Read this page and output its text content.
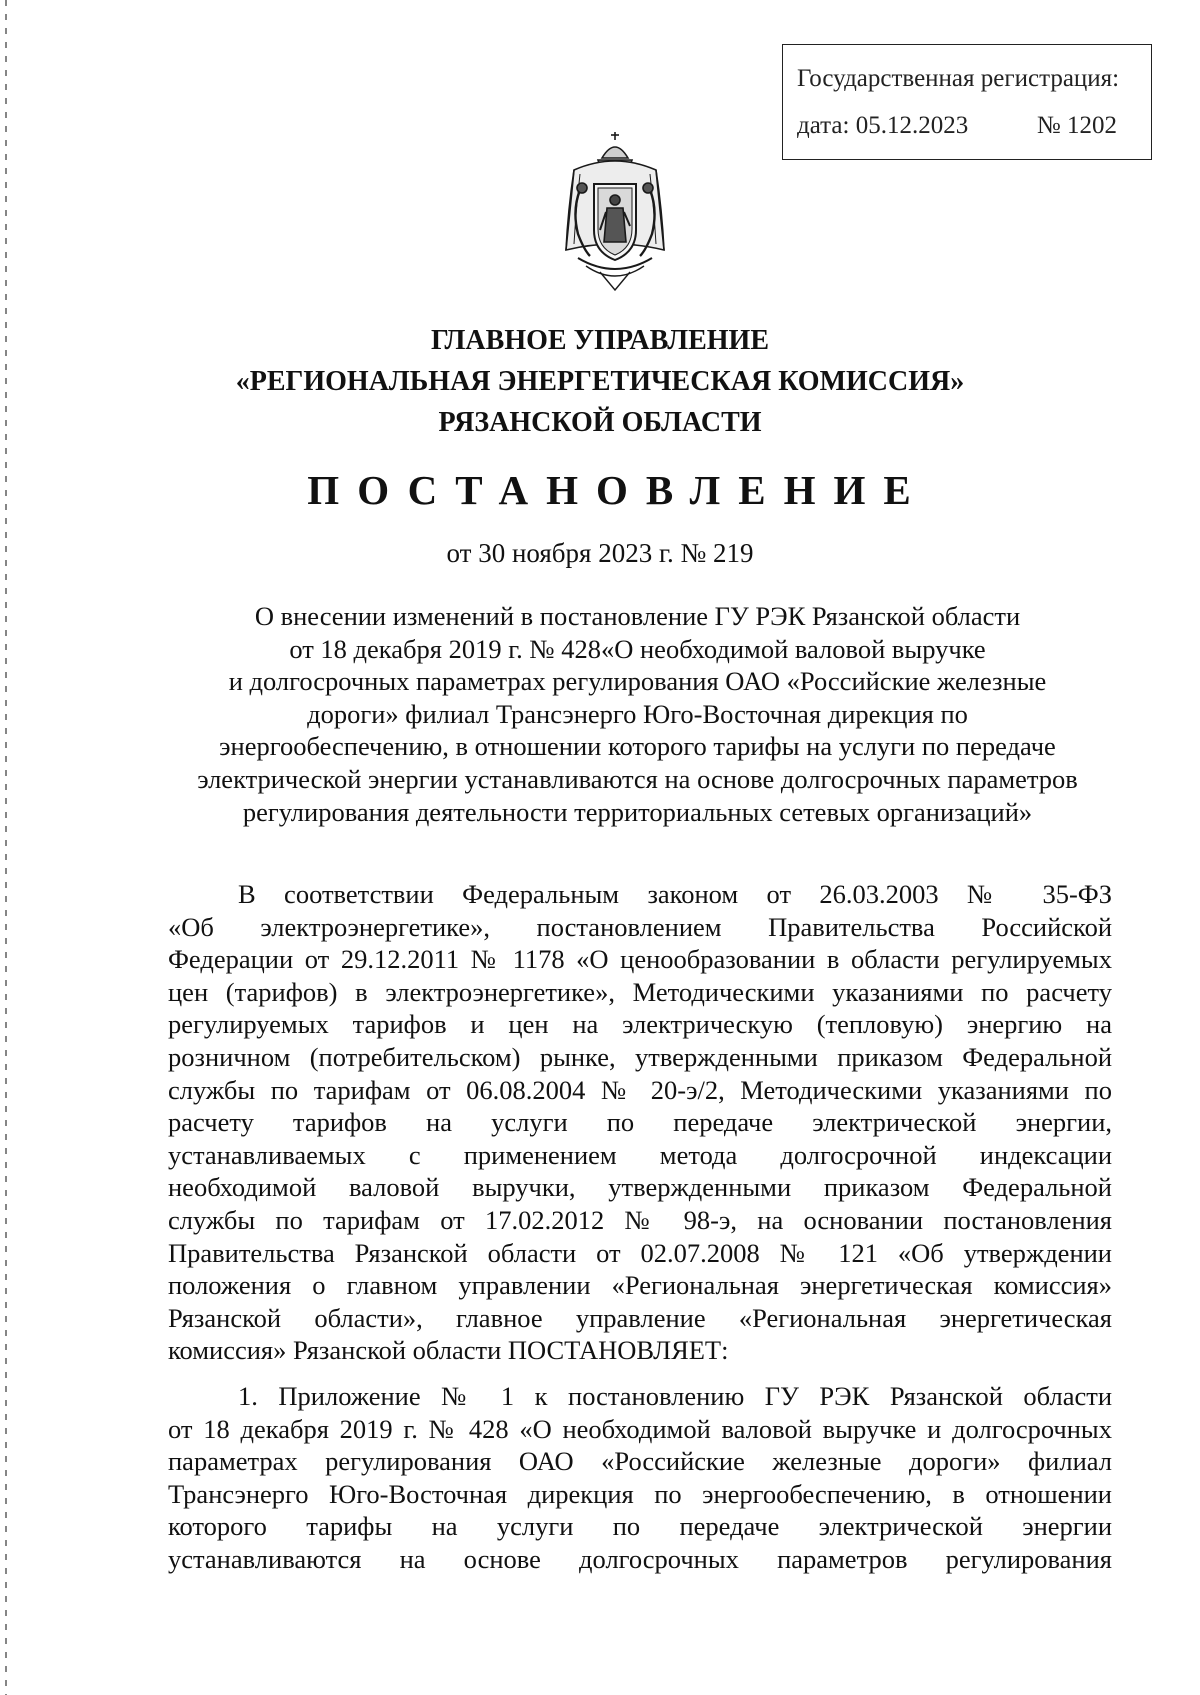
Государственная регистрация:
дата: 05.12.2023	№ 1202
ГЛАВНОЕ УПРАВЛЕНИЕ
«РЕГИОНАЛЬНАЯ ЭНЕРГЕТИЧЕСКАЯ КОМИССИЯ»
РЯЗАНСКОЙ ОБЛАСТИ
ПОСТАНОВЛЕНИЕ
от 30 ноября 2023 г. № 219
О внесении изменений в постановление ГУ РЭК Рязанской области
от 18 декабря 2019 г. № 428«О необходимой валовой выручке
и долгосрочных параметрах регулирования ОАО «Российские железные
дороги» филиал Трансэнерго Юго-Восточная дирекция по
энергообеспечению, в отношении которого тарифы на услуги по передаче
электрической энергии устанавливаются на основе долгосрочных параметров
регулирования деятельности территориальных сетевых организаций»
В соответствии Федеральным законом от 26.03.2003 № 35-ФЗ
«Об электроэнергетике», постановлением Правительства Российской
Федерации от 29.12.2011 № 1178 «О ценообразовании в области регулируемых
цен (тарифов) в электроэнергетике», Методическими указаниями по расчету
регулируемых тарифов и цен на электрическую (тепловую) энергию на
розничном (потребительском) рынке, утвержденными приказом Федеральной
службы по тарифам от 06.08.2004 № 20-э/2, Методическими указаниями по
расчету тарифов на услуги по передаче электрической энергии,
устанавливаемых с применением метода долгосрочной индексации
необходимой валовой выручки, утвержденными приказом Федеральной
службы по тарифам от 17.02.2012 № 98-э, на основании постановления
Правительства Рязанской области от 02.07.2008 № 121 «Об утверждении
положения о главном управлении «Региональная энергетическая комиссия»
Рязанской области», главное управление «Региональная энергетическая
комиссия» Рязанской области ПОСТАНОВЛЯЕТ:
1. Приложение № 1 к постановлению ГУ РЭК Рязанской области
от 18 декабря 2019 г. № 428 «О необходимой валовой выручке и долгосрочных
параметрах регулирования ОАО «Российские железные дороги» филиал
Трансэнерго Юго-Восточная дирекция по энергообеспечению, в отношении
которого тарифы на услуги по передаче электрической энергии
устанавливаются на основе долгосрочных параметров регулирования
